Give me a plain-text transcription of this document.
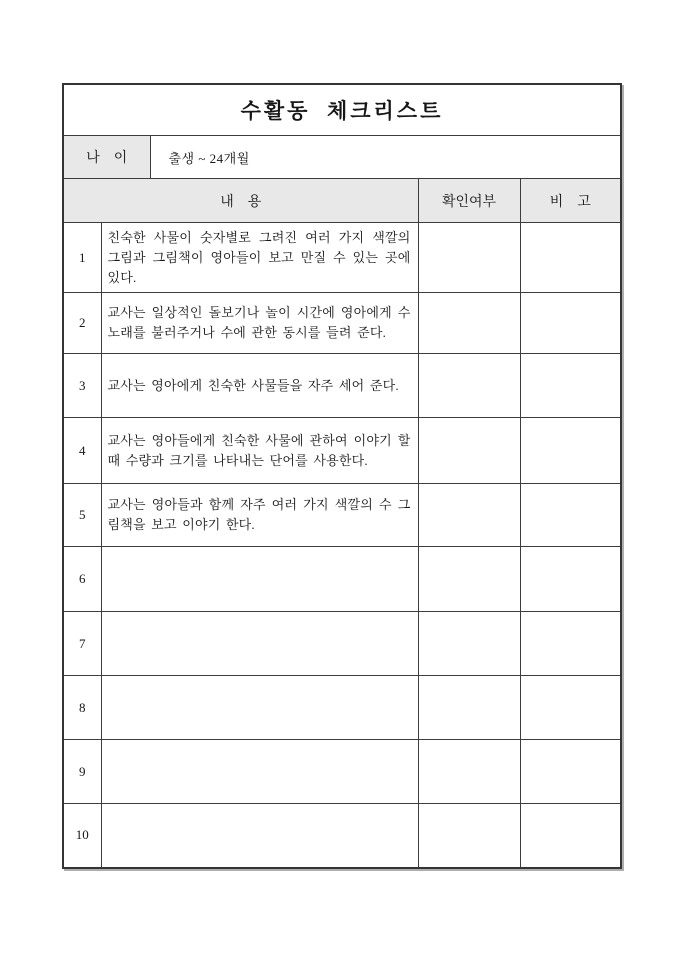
수활동  체크리스트				
나    이		출생 ~ 24개월		
내    용			확인여부	비    고
1	친숙한 사물이 숫자별로 그려진 여러 가지 색깔의 그림과 그림책이 영아들이 보고 만질 수 있는 곳에 있다.			
2	교사는 일상적인 돌보기나 놀이 시간에 영아에게 수노래를 불러주거나 수에 관한 동시를 들려 준다.			
3	교사는 영아에게 친숙한 사물들을 자주 세어 준다.			
4	교사는 영아들에게 친숙한 사물에 관하여 이야기 할 때 수량과 크기를 나타내는 단어를 사용한다.			
5	교사는 영아들과 함께 자주 여러 가지 색깔의 수 그림책을 보고 이야기 한다.			
6				
7				
8				
9				
10				
